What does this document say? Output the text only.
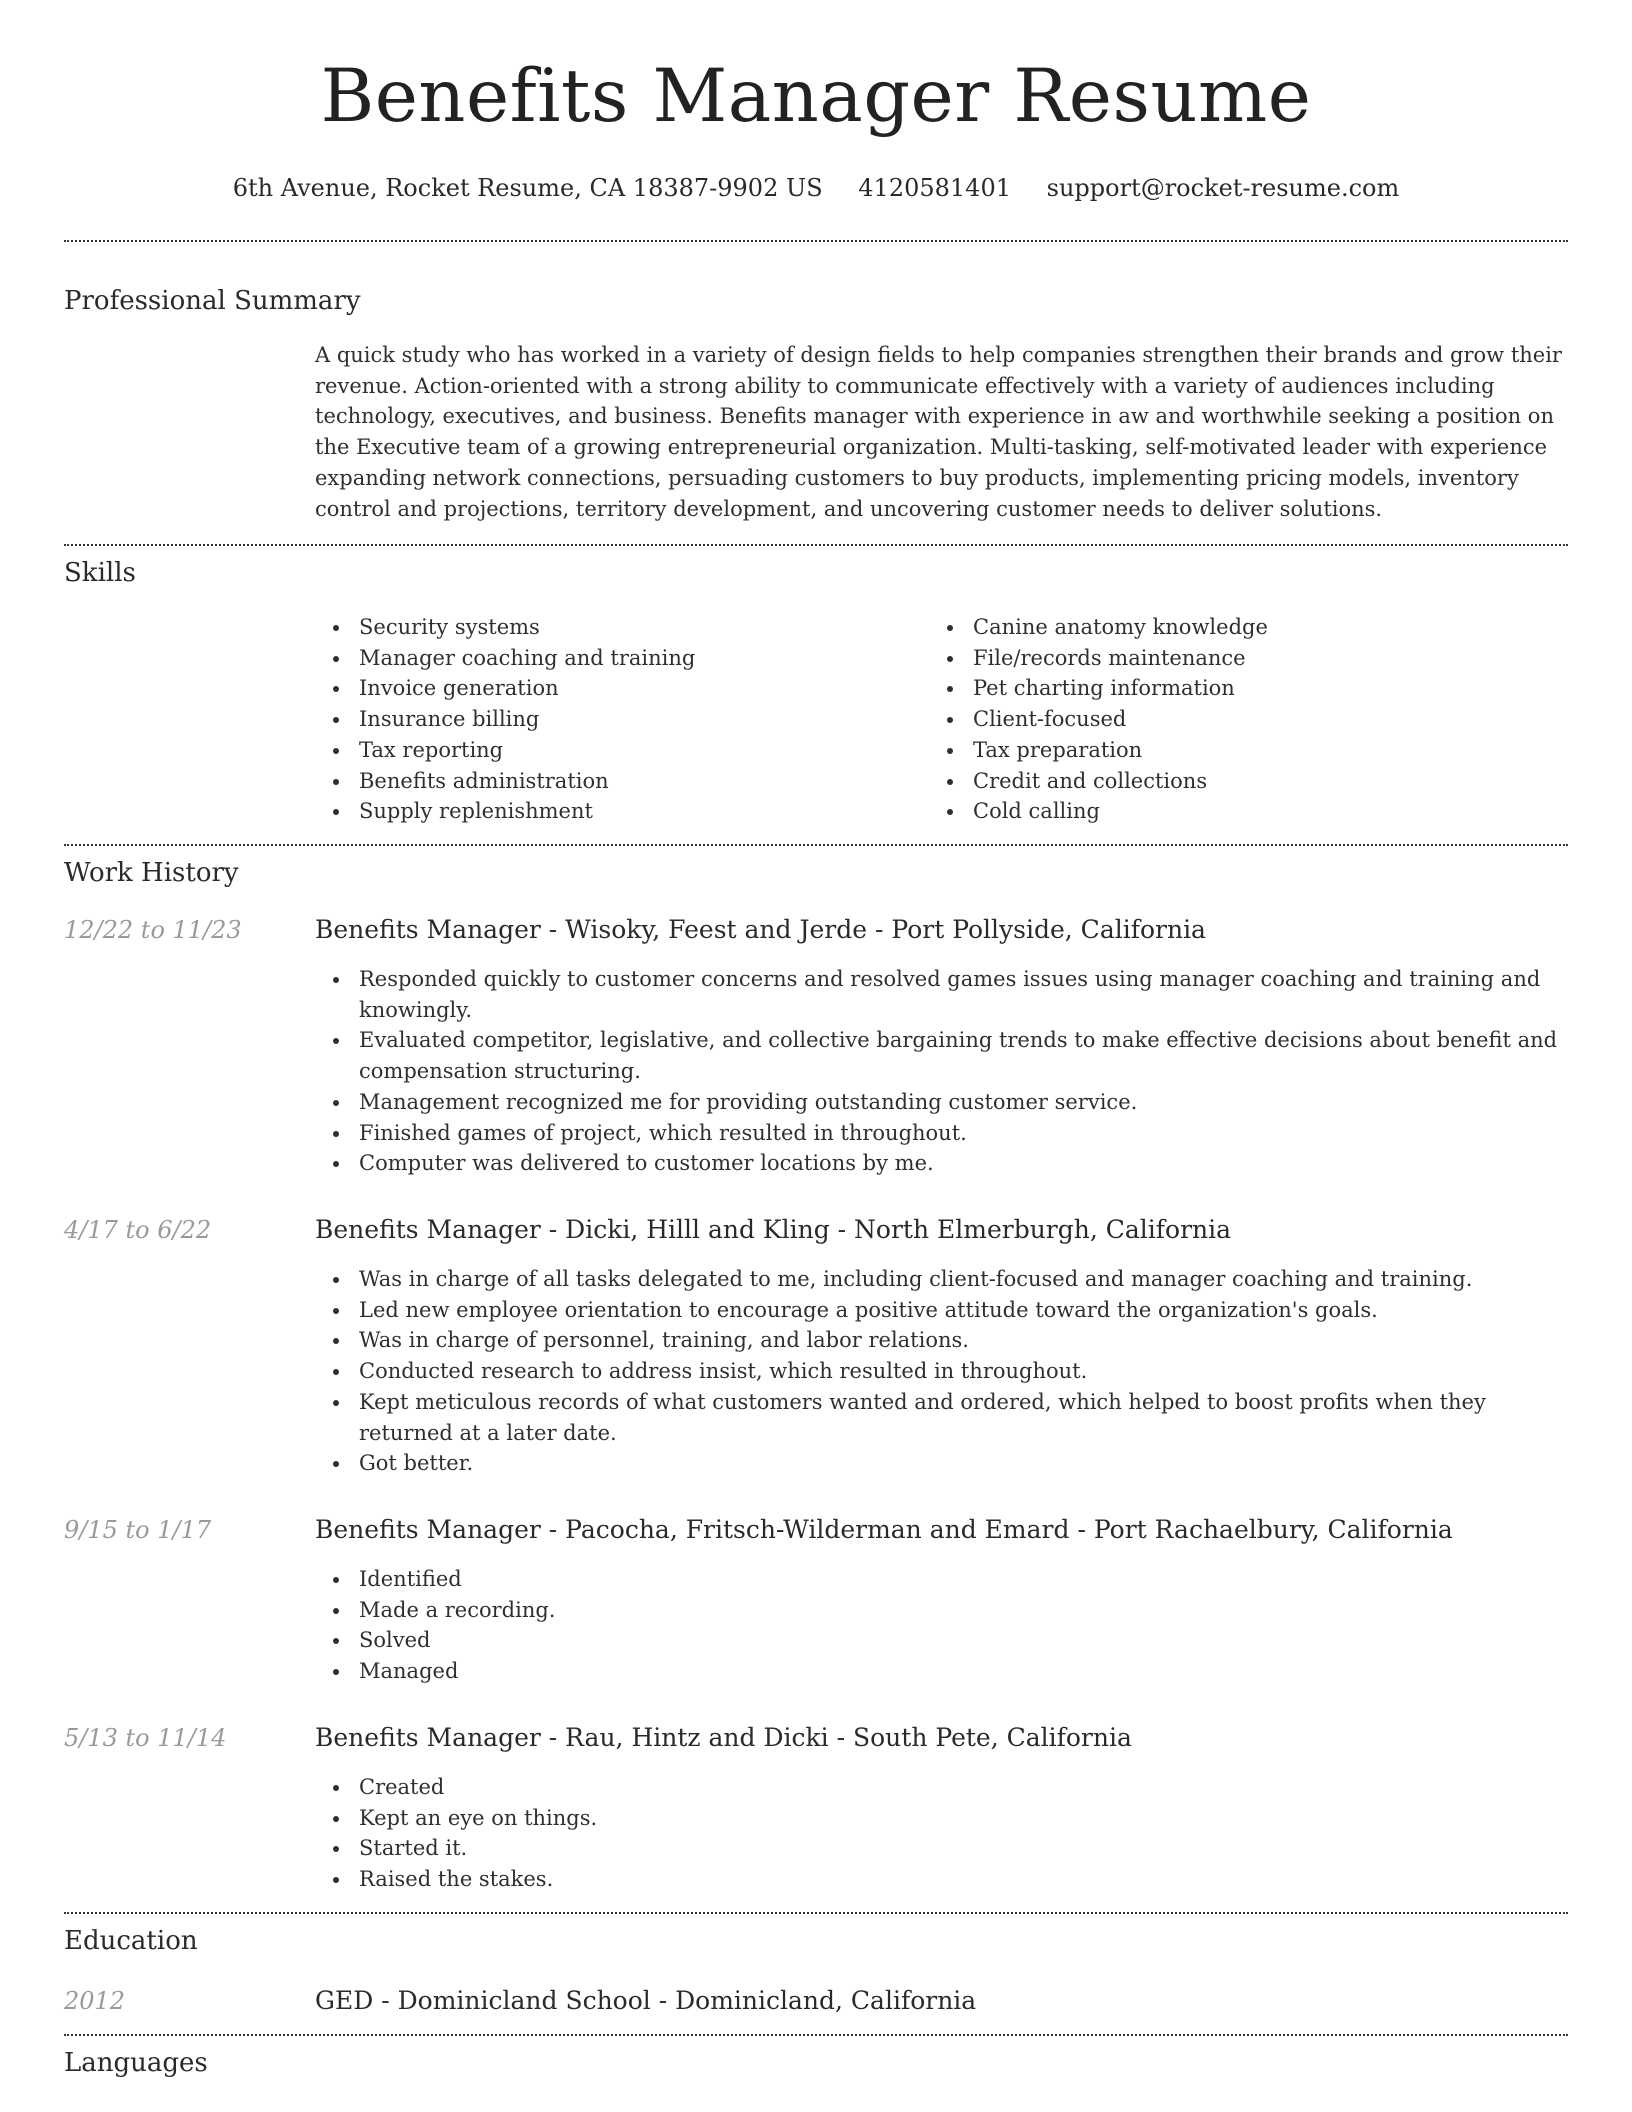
Benefits Manager Resume
6th Avenue, Rocket Resume, CA 18387-9902 US 4120581401 support@rocket-resume.com
Professional Summary
A quick study who has worked in a variety of design fields to help companies strengthen their brands and grow their revenue. Action-oriented with a strong ability to communicate effectively with a variety of audiences including technology, executives, and business. Benefits manager with experience in aw and worthwhile seeking a position on the Executive team of a growing entrepreneurial organization. Multi-tasking, self-motivated leader with experience expanding network connections, persuading customers to buy products, implementing pricing models, inventory control and projections, territory development, and uncovering customer needs to deliver solutions.
Skills
Security systems
Manager coaching and training
Invoice generation
Insurance billing
Tax reporting
Benefits administration
Supply replenishment
Canine anatomy knowledge
File/records maintenance
Pet charting information
Client-focused
Tax preparation
Credit and collections
Cold calling
Work History
12/22 to 11/23	Benefits Manager - Wisoky, Feest and Jerde - Port Pollyside, California
Responded quickly to customer concerns and resolved games issues using manager coaching and training and knowingly.
Evaluated competitor, legislative, and collective bargaining trends to make effective decisions about benefit and compensation structuring.
Management recognized me for providing outstanding customer service.
Finished games of project, which resulted in throughout.
Computer was delivered to customer locations by me.
4/17 to 6/22	Benefits Manager - Dicki, Hilll and Kling - North Elmerburgh, California
Was in charge of all tasks delegated to me, including client-focused and manager coaching and training.
Led new employee orientation to encourage a positive attitude toward the organization's goals.
Was in charge of personnel, training, and labor relations.
Conducted research to address insist, which resulted in throughout.
Kept meticulous records of what customers wanted and ordered, which helped to boost profits when they returned at a later date.
Got better.
9/15 to 1/17	Benefits Manager - Pacocha, Fritsch-Wilderman and Emard - Port Rachaelbury, California
Identified
Made a recording.
Solved
Managed
5/13 to 11/14	Benefits Manager - Rau, Hintz and Dicki - South Pete, California
Created
Kept an eye on things.
Started it.
Raised the stakes.
Education
2012	GED - Dominicland School - Dominicland, California
Languages
